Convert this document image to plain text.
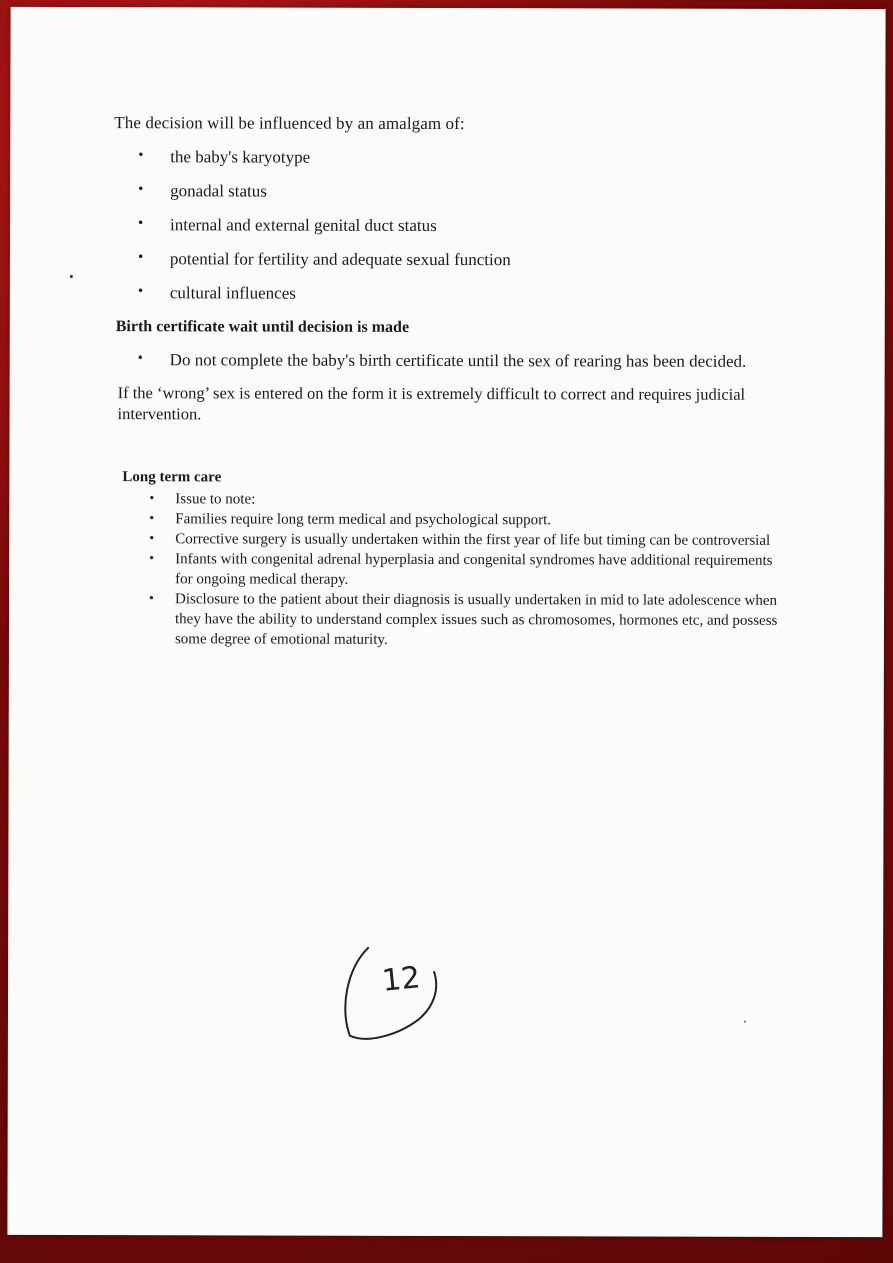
The decision will be influenced by an amalgam of:
• the baby's karyotype
• gonadal status
• internal and external genital duct status
• potential for fertility and adequate sexual function
• cultural influences
Birth certificate wait until decision is made
• Do not complete the baby's birth certificate until the sex of rearing has been decided.
If the ‘wrong’ sex is entered on the form it is extremely difficult to correct and requires judicial intervention.
Long term care
• Issue to note:
• Families require long term medical and psychological support.
• Corrective surgery is usually undertaken within the first year of life but timing can be controversial
• Infants with congenital adrenal hyperplasia and congenital syndromes have additional requirements for ongoing medical therapy.
• Disclosure to the patient about their diagnosis is usually undertaken in mid to late adolescence when they have the ability to understand complex issues such as chromosomes, hormones etc, and possess some degree of emotional maturity.
12
